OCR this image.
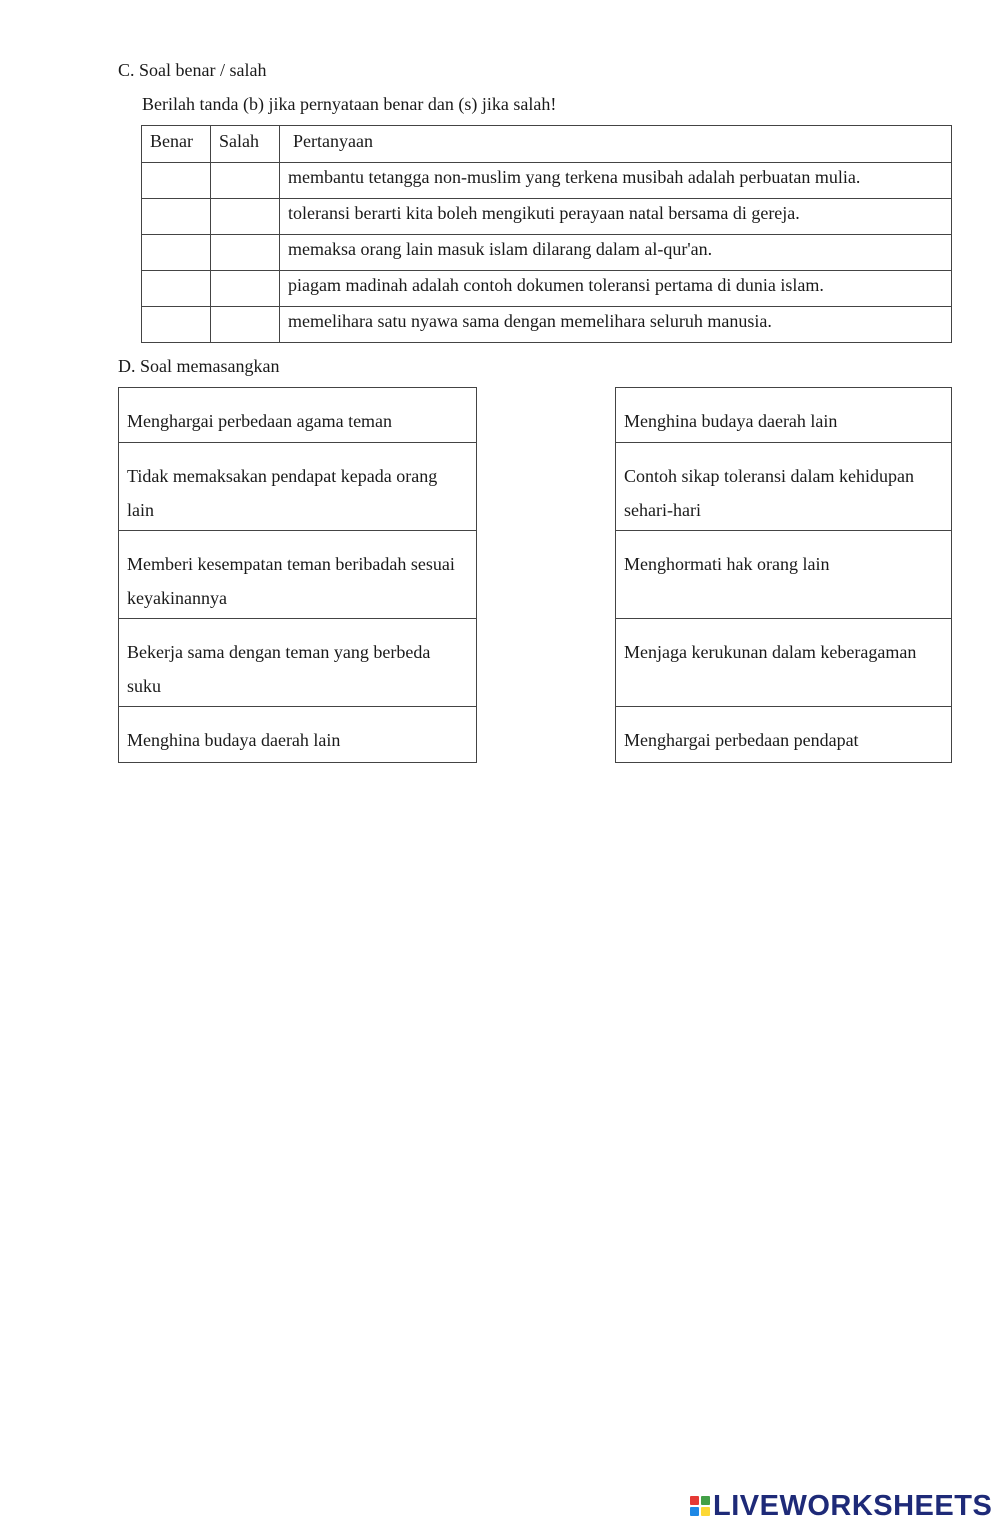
C. Soal benar / salah
Berilah tanda (b) jika pernyataan benar dan (s) jika salah!
Benar	Salah	Pertanyaan
		membantu tetangga non-muslim yang terkena musibah adalah perbuatan mulia.
		toleransi berarti kita boleh mengikuti perayaan natal bersama di gereja.
		memaksa orang lain masuk islam dilarang dalam al-qur'an.
		piagam madinah adalah contoh dokumen toleransi pertama di dunia islam.
		memelihara satu nyawa sama dengan memelihara seluruh manusia.
D. Soal memasangkan
Menghargai perbedaan agama teman
Tidak memaksakan pendapat kepada orang lain
Memberi kesempatan teman beribadah sesuai keyakinannya
Bekerja sama dengan teman yang berbeda suku
Menghina budaya daerah lain
Menghina budaya daerah lain
Contoh sikap toleransi dalam kehidupan sehari-hari
Menghormati hak orang lain
Menjaga kerukunan dalam keberagaman
Menghargai perbedaan pendapat
LIVEWORKSHEETS
